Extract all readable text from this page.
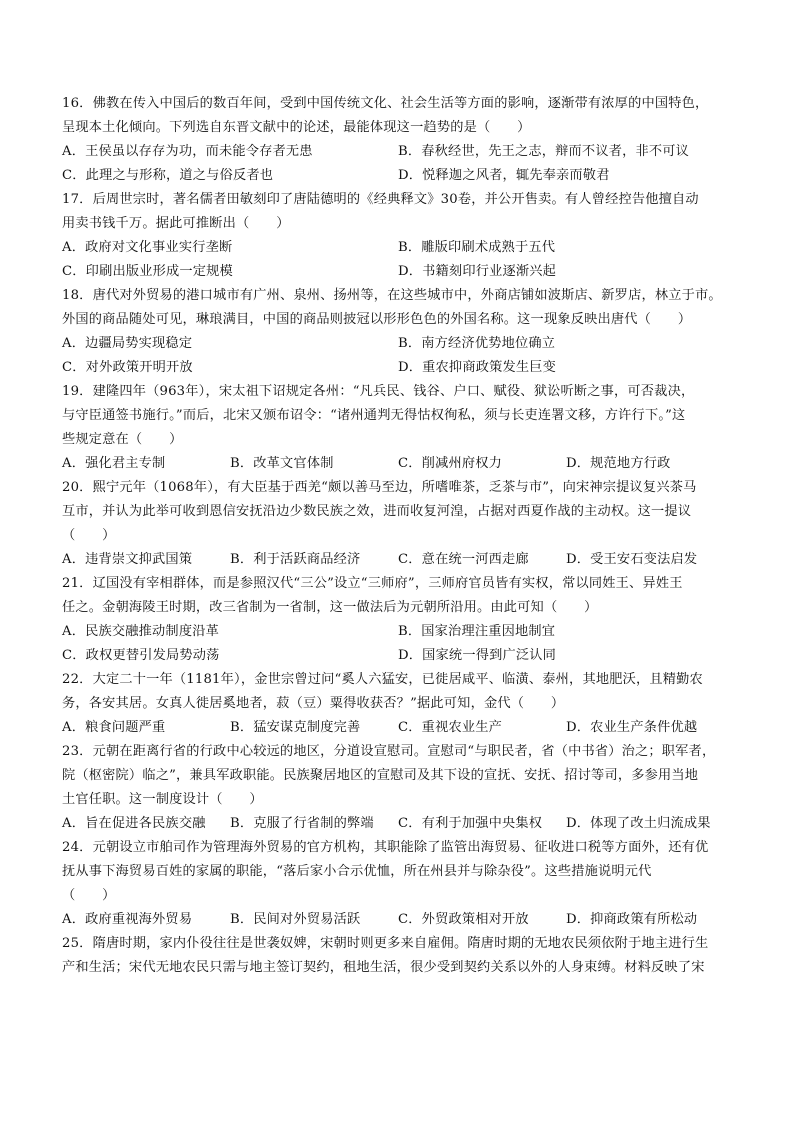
16．佛教在传入中国后的数百年间，受到中国传统文化、社会生活等方面的影响，逐渐带有浓厚的中国特色，
呈现本土化倾向。下列选自东晋文献中的论述，最能体现这一趋势的是（　　）
A．王侯虽以存存为功，而未能令存者无患	B．春秋经世，先王之志，辩而不议者，非不可议
C．此理之与形称，道之与俗反者也	D．悦释迦之风者，辄先奉亲而敬君
17．后周世宗时，著名儒者田敏刻印了唐陆德明的《经典释文》30卷，并公开售卖。有人曾经控告他擅自动
用卖书钱千万。据此可推断出（　　）
A．政府对文化事业实行垄断	B．雕版印刷术成熟于五代
C．印刷出版业形成一定规模	D．书籍刻印行业逐渐兴起
18．唐代对外贸易的港口城市有广州、泉州、扬州等，在这些城市中，外商店铺如波斯店、新罗店，林立于市。
外国的商品随处可见，琳琅满目，中国的商品则披冠以形形色色的外国名称。这一现象反映出唐代（　　）
A．边疆局势实现稳定	B．南方经济优势地位确立
C．对外政策开明开放	D．重农抑商政策发生巨变
19．建隆四年（963年），宋太祖下诏规定各州：“凡兵民、钱谷、户口、赋役、狱讼听断之事，可否裁决，
与守臣通签书施行。”而后，北宋又颁布诏令：“诸州通判无得怙权徇私，须与长吏连署文移，方许行下。”这
些规定意在（　　）
A．强化君主专制	B．改革文官体制	C．削减州府权力	D．规范地方行政
20．熙宁元年（1068年），有大臣基于西羌“颇以善马至边，所嗜唯茶，乏茶与市”，向宋神宗提议复兴茶马
互市，并认为此举可收到恩信安抚沿边少数民族之效，进而收复河湟，占据对西夏作战的主动权。这一提议
（　　）
A．违背崇文抑武国策	B．利于活跃商品经济	C．意在统一河西走廊	D．受王安石变法启发
21．辽国没有宰相群体，而是参照汉代“三公”设立“三师府”，三师府官员皆有实权，常以同姓王、异姓王
任之。金朝海陵王时期，改三省制为一省制，这一做法后为元朝所沿用。由此可知（　　）
A．民族交融推动制度沿革	B．国家治理注重因地制宜
C．政权更替引发局势动荡	D．国家统一得到广泛认同
22．大定二十一年（1181年），金世宗曾过问“奚人六猛安，已徙居咸平、临潢、泰州，其地肥沃，且精勤农
务，各安其居。女真人徙居奚地者，菽（豆）粟得收获否？”据此可知，金代（　　）
A．粮食问题严重	B．猛安谋克制度完善	C．重视农业生产	D．农业生产条件优越
23．元朝在距离行省的行政中心较远的地区，分道设宣慰司。宣慰司“与职民者，省（中书省）治之；职军者，
院（枢密院）临之”，兼具军政职能。民族聚居地区的宣慰司及其下设的宣抚、安抚、招讨等司，多参用当地
土官任职。这一制度设计（　　）
A．旨在促进各民族交融	B．克服了行省制的弊端	C．有利于加强中央集权	D．体现了改土归流成果
24．元朝设立市舶司作为管理海外贸易的官方机构，其职能除了监管出海贸易、征收进口税等方面外，还有优
抚从事下海贸易百姓的家属的职能，“落后家小合示优恤，所在州县并与除杂役”。这些措施说明元代
（　　）
A．政府重视海外贸易	B．民间对外贸易活跃	C．外贸政策相对开放	D．抑商政策有所松动
25．隋唐时期，家内仆役往往是世袭奴婢，宋朝时则更多来自雇佣。隋唐时期的无地农民须依附于地主进行生
产和生活；宋代无地农民只需与地主签订契约，租地生活，很少受到契约关系以外的人身束缚。材料反映了宋
